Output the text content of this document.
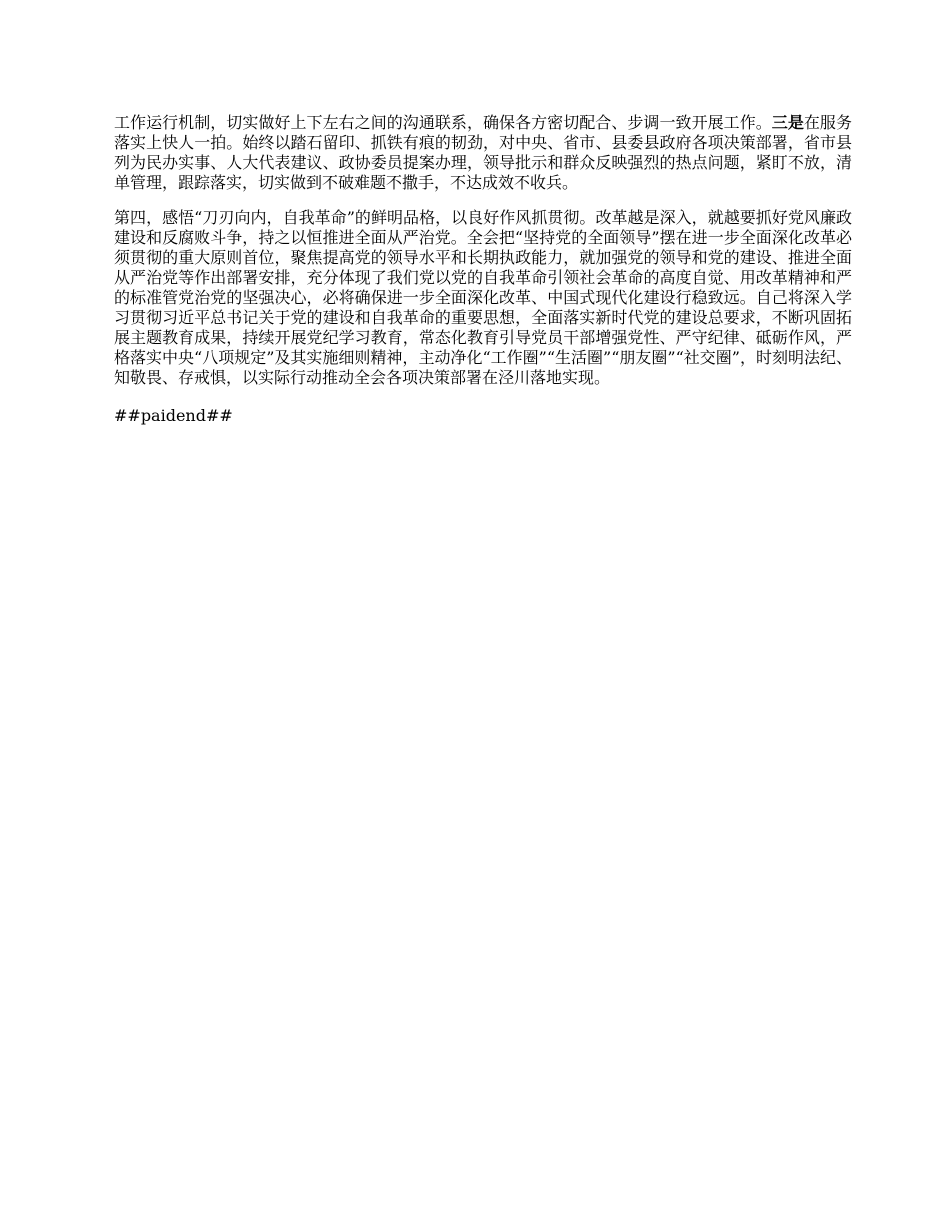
工作运行机制，切实做好上下左右之间的沟通联系，确保各方密切配合、步调一致开展工作。三是在服务落实上快人一拍。始终以踏石留印、抓铁有痕的韧劲，对中央、省市、县委县政府各项决策部署，省市县列为民办实事、人大代表建议、政协委员提案办理，领导批示和群众反映强烈的热点问题，紧盯不放，清单管理，跟踪落实，切实做到不破难题不撒手，不达成效不收兵。

第四，感悟“刀刃向内，自我革命”的鲜明品格，以良好作风抓贯彻。改革越是深入，就越要抓好党风廉政建设和反腐败斗争，持之以恒推进全面从严治党。全会把“坚持党的全面领导”摆在进一步全面深化改革必须贯彻的重大原则首位，聚焦提高党的领导水平和长期执政能力，就加强党的领导和党的建设、推进全面从严治党等作出部署安排，充分体现了我们党以党的自我革命引领社会革命的高度自觉、用改革精神和严的标准管党治党的坚强决心，必将确保进一步全面深化改革、中国式现代化建设行稳致远。自己将深入学习贯彻习近平总书记关于党的建设和自我革命的重要思想，全面落实新时代党的建设总要求，不断巩固拓展主题教育成果，持续开展党纪学习教育，常态化教育引导党员干部增强党性、严守纪律、砥砺作风，严格落实中央“八项规定”及其实施细则精神，主动净化“工作圈”“生活圈”“朋友圈”“社交圈”，时刻明法纪、知敬畏、存戒惧，以实际行动推动全会各项决策部署在泾川落地实现。

##paidend##
